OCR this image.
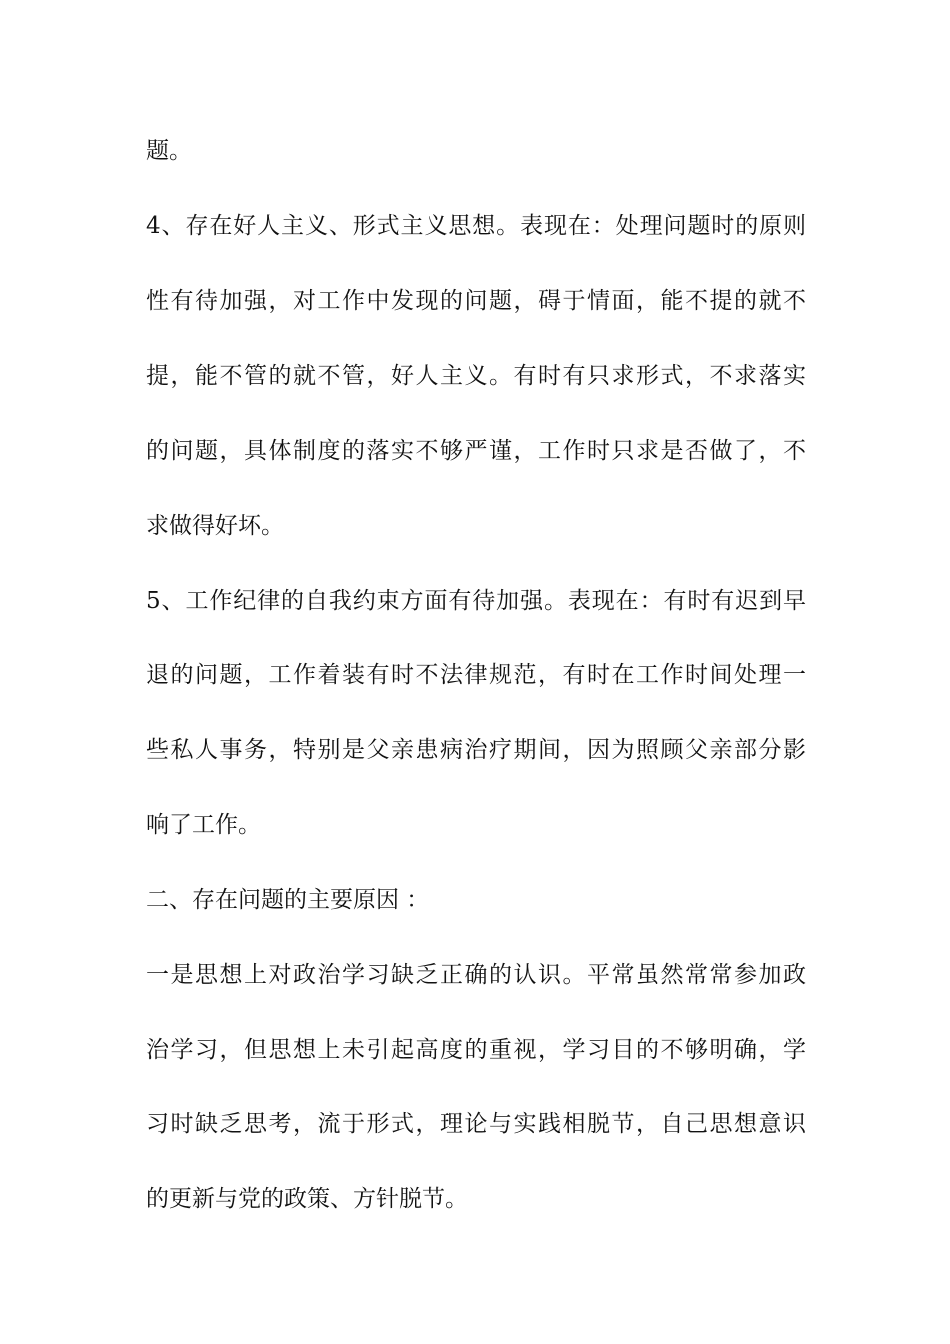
题。
4、存在好人主义、形式主义思想。表现在：处理问题时的原则
性有待加强，对工作中发现的问题，碍于情面，能不提的就不
提，能不管的就不管，好人主义。有时有只求形式，不求落实
的问题，具体制度的落实不够严谨，工作时只求是否做了，不
求做得好坏。
5、工作纪律的自我约束方面有待加强。表现在：有时有迟到早
退的问题，工作着装有时不法律规范，有时在工作时间处理一
些私人事务，特别是父亲患病治疗期间，因为照顾父亲部分影
响了工作。
二、存在问题的主要原因 ：
一是思想上对政治学习缺乏正确的认识。平常虽然常常参加政
治学习，但思想上未引起高度的重视，学习目的不够明确，学
习时缺乏思考，流于形式，理论与实践相脱节，自己思想意识
的更新与党的政策、方针脱节。
